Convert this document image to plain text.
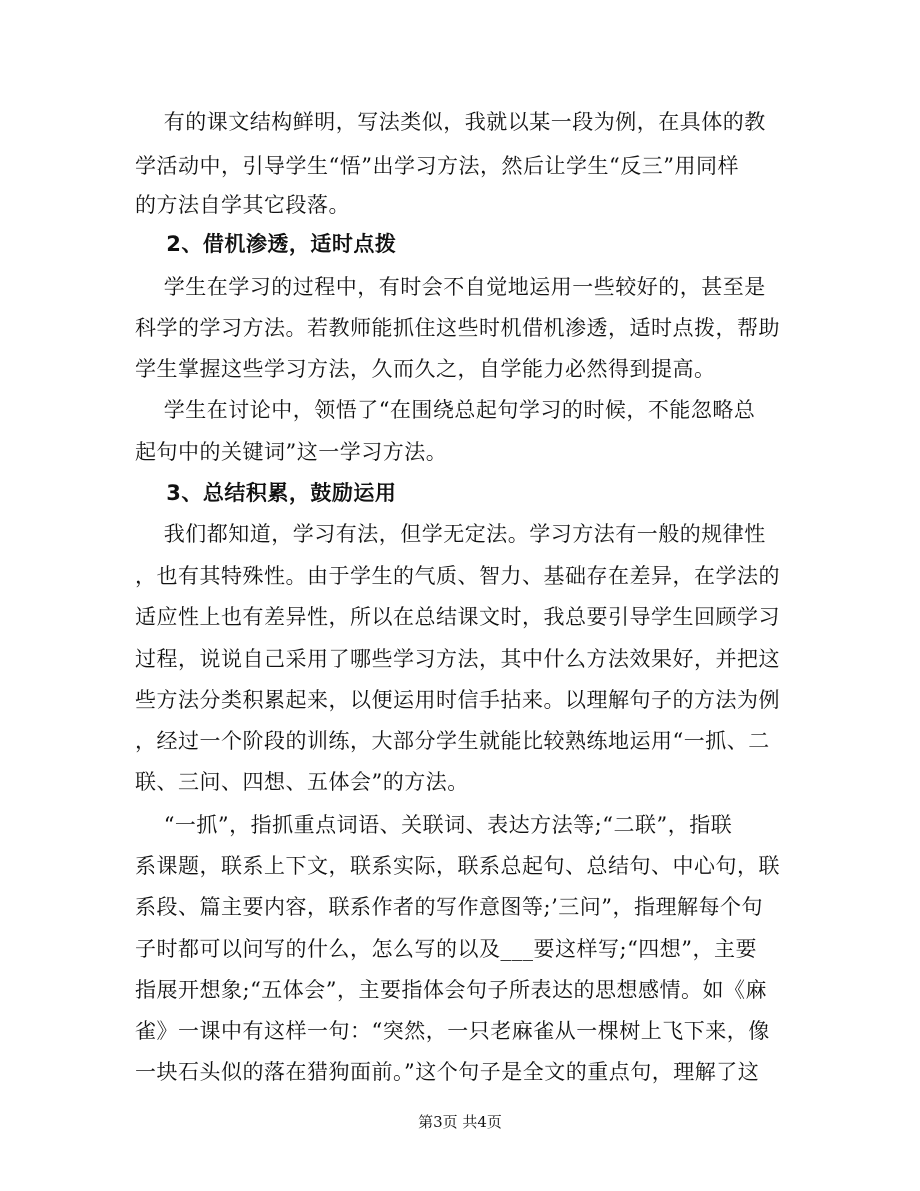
有的课文结构鲜明，写法类似，我就以某一段为例，在具体的教
学活动中，引导学生“悟”出学习方法，然后让学生“反三”用同样
的方法自学其它段落。
2、借机渗透，适时点拨
学生在学习的过程中，有时会不自觉地运用一些较好的，甚至是
科学的学习方法。若教师能抓住这些时机借机渗透，适时点拨，帮助
学生掌握这些学习方法，久而久之，自学能力必然得到提高。
学生在讨论中，领悟了“在围绕总起句学习的时候，不能忽略总
起句中的关键词”这一学习方法。
3、总结积累，鼓励运用
我们都知道，学习有法，但学无定法。学习方法有一般的规律性
，也有其特殊性。由于学生的气质、智力、基础存在差异，在学法的
适应性上也有差异性，所以在总结课文时，我总要引导学生回顾学习
过程，说说自己采用了哪些学习方法，其中什么方法效果好，并把这
些方法分类积累起来，以便运用时信手拈来。以理解句子的方法为例
，经过一个阶段的训练，大部分学生就能比较熟练地运用“一抓、二
联、三问、四想、五体会”的方法。
“一抓”，指抓重点词语、关联词、表达方法等;“二联”，指联
系课题，联系上下文，联系实际，联系总起句、总结句、中心句，联
系段、篇主要内容，联系作者的写作意图等;’三问”，指理解每个句
子时都可以问写的什么，怎么写的以及___要这样写;“四想”，主要
指展开想象;“五体会”，主要指体会句子所表达的思想感情。如《麻
雀》一课中有这样一句：“突然，一只老麻雀从一棵树上飞下来，像
一块石头似的落在猎狗面前。”这个句子是全文的重点句，理解了这
第3页 共4页
